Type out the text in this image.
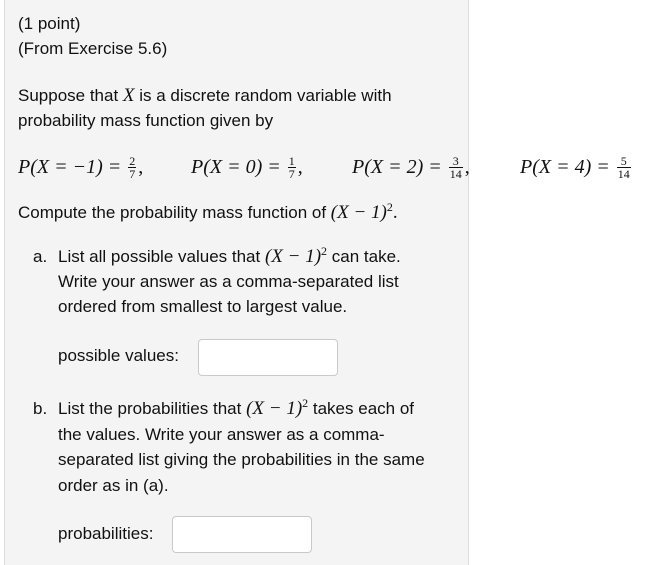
(1 point)
(From Exercise 5.6)
Suppose that X is a discrete random variable with
probability mass function given by
P(X = −1) =
$\frac{2}{7}$ , P(X = 0) =
$\frac{1}{7}$ , P(X = 2) =
$\frac{3}{14}$ ,	P(X = 4) =
$\frac{5}{14}$
Compute the probability mass function of $(X - 1)^2$.
a. List all possible values that $(X - 1)^2$ can take.
Write your answer as a comma-separated list
ordered from smallest to largest value.
possible values:
b. List the probabilities that $(X - 1)^2$ takes each of
the values. Write your answer as a comma-
separated list giving the probabilities in the same
order as in (a).
probabilities:
